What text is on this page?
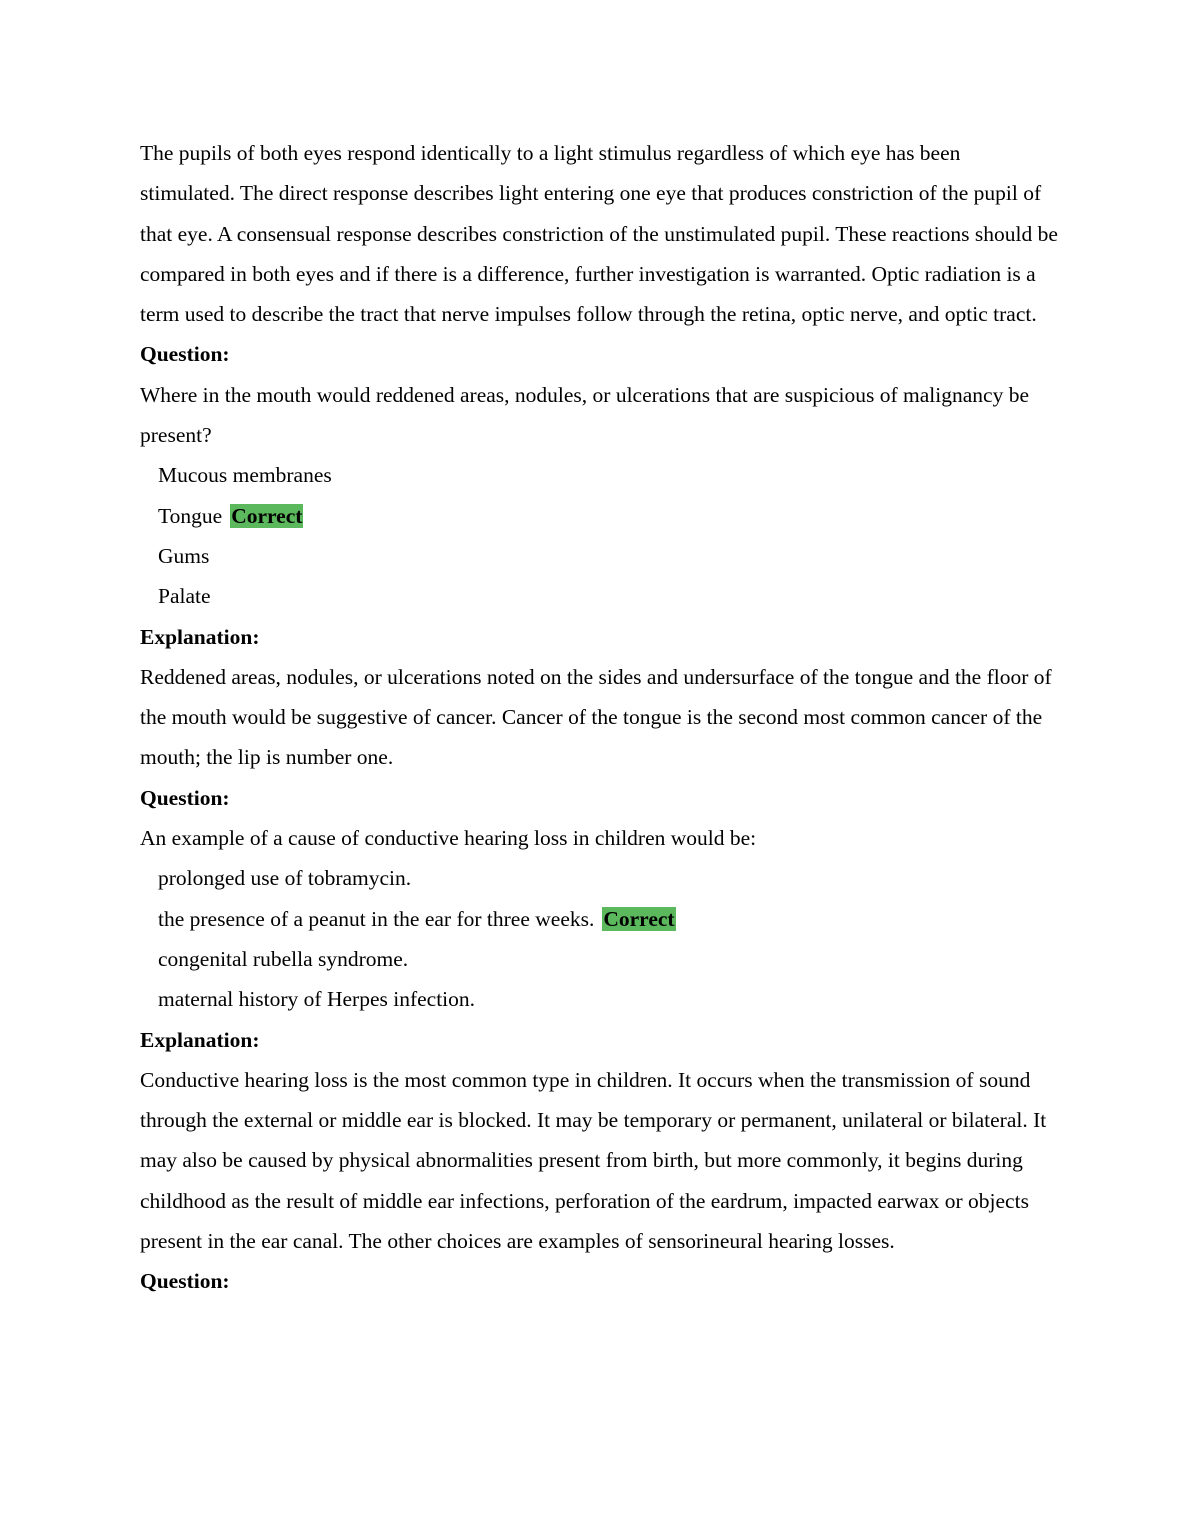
The pupils of both eyes respond identically to a light stimulus regardless of which eye has been stimulated. The direct response describes light entering one eye that produces constriction of the pupil of that eye. A consensual response describes constriction of the unstimulated pupil. These reactions should be compared in both eyes and if there is a difference, further investigation is warranted. Optic radiation is a term used to describe the tract that nerve impulses follow through the retina, optic nerve, and optic tract.

Question:

Where in the mouth would reddened areas, nodules, or ulcerations that are suspicious of malignancy be present?

Mucous membranes
Tongue Correct
Gums
Palate

Explanation:

Reddened areas, nodules, or ulcerations noted on the sides and undersurface of the tongue and the floor of the mouth would be suggestive of cancer. Cancer of the tongue is the second most common cancer of the mouth; the lip is number one.

Question:

An example of a cause of conductive hearing loss in children would be:

prolonged use of tobramycin.
the presence of a peanut in the ear for three weeks. Correct
congenital rubella syndrome.
maternal history of Herpes infection.

Explanation:

Conductive hearing loss is the most common type in children. It occurs when the transmission of sound through the external or middle ear is blocked. It may be temporary or permanent, unilateral or bilateral. It may also be caused by physical abnormalities present from birth, but more commonly, it begins during childhood as the result of middle ear infections, perforation of the eardrum, impacted earwax or objects present in the ear canal. The other choices are examples of sensorineural hearing losses.

Question:
